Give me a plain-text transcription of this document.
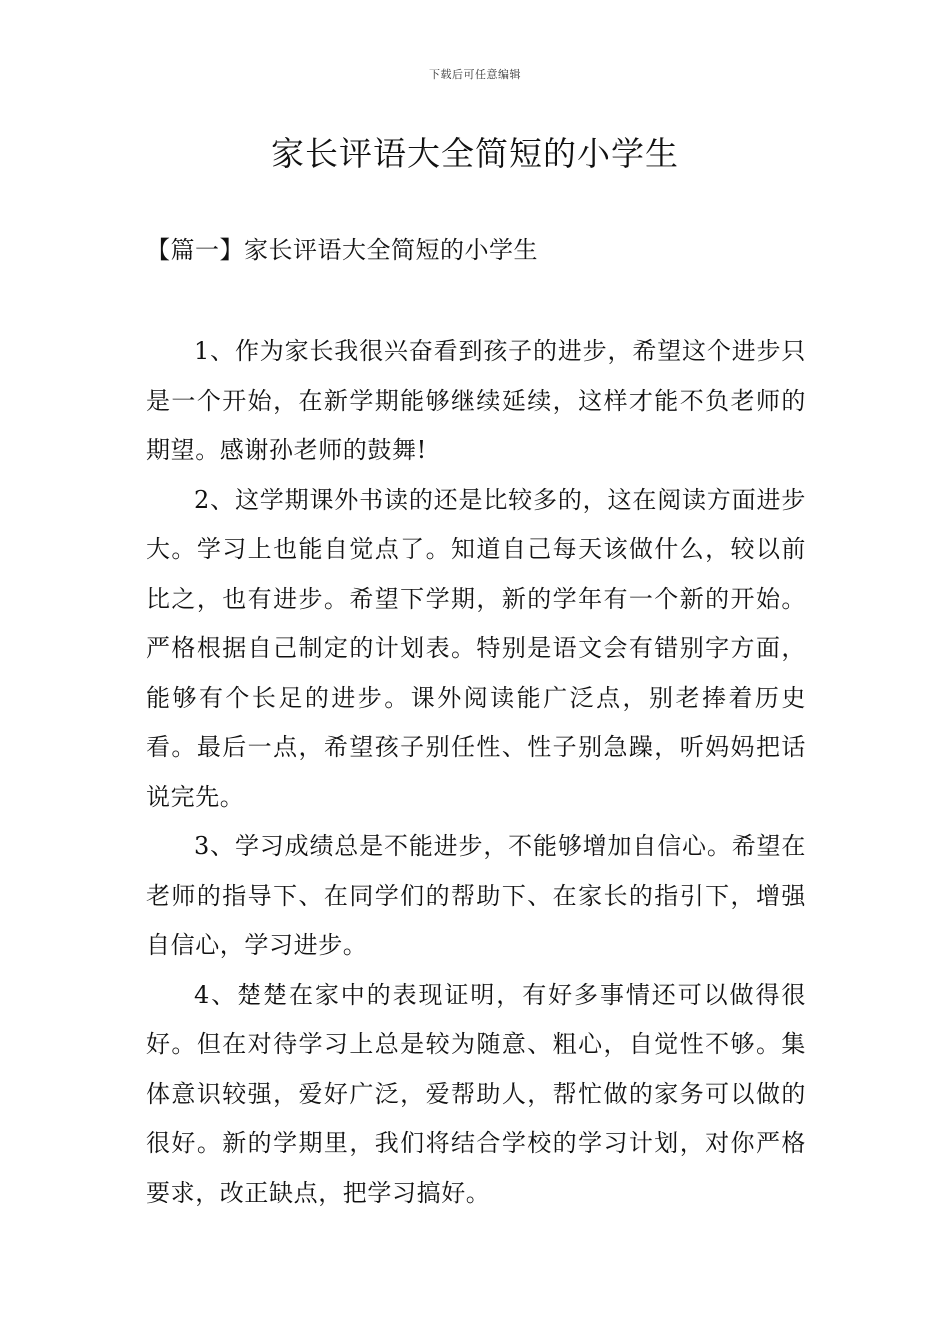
下载后可任意编辑
家长评语大全简短的小学生
【篇一】家长评语大全简短的小学生

1、作为家长我很兴奋看到孩子的进步，希望这个进步只是一个开始，在新学期能够继续延续，这样才能不负老师的期望。感谢孙老师的鼓舞!

2、这学期课外书读的还是比较多的，这在阅读方面进步大。学习上也能自觉点了。知道自己每天该做什么，较以前比之，也有进步。希望下学期，新的学年有一个新的开始。严格根据自己制定的计划表。特别是语文会有错别字方面，能够有个长足的进步。课外阅读能广泛点，别老捧着历史看。最后一点，希望孩子别任性、性子别急躁，听妈妈把话说完先。

3、学习成绩总是不能进步，不能够增加自信心。希望在老师的指导下、在同学们的帮助下、在家长的指引下，增强自信心，学习进步。

4、楚楚在家中的表现证明，有好多事情还可以做得很好。但在对待学习上总是较为随意、粗心，自觉性不够。集体意识较强，爱好广泛，爱帮助人，帮忙做的家务可以做的很好。新的学期里，我们将结合学校的学习计划，对你严格要求，改正缺点，把学习搞好。
